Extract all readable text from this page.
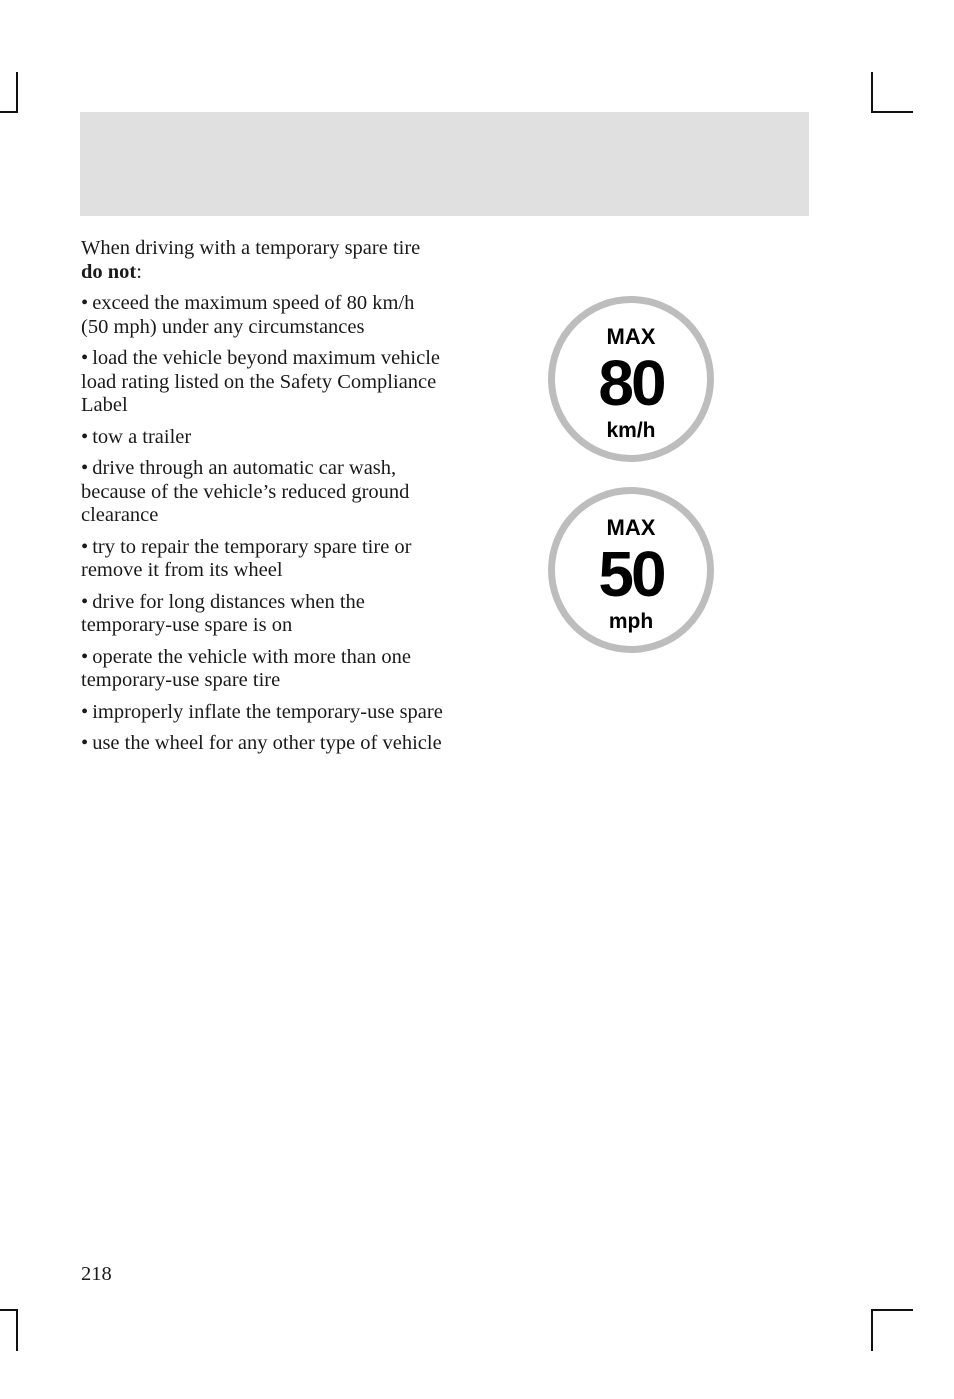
When driving with a temporary spare tire do not:

• exceed the maximum speed of 80 km/h (50 mph) under any circumstances
• load the vehicle beyond maximum vehicle load rating listed on the Safety Compliance Label
• tow a trailer
• drive through an automatic car wash, because of the vehicle’s reduced ground clearance
• try to repair the temporary spare tire or remove it from its wheel
• drive for long distances when the temporary-use spare is on
• operate the vehicle with more than one temporary-use spare tire
• improperly inflate the temporary-use spare
• use the wheel for any other type of vehicle
MAX
80
km/h
MAX
50
mph
218
